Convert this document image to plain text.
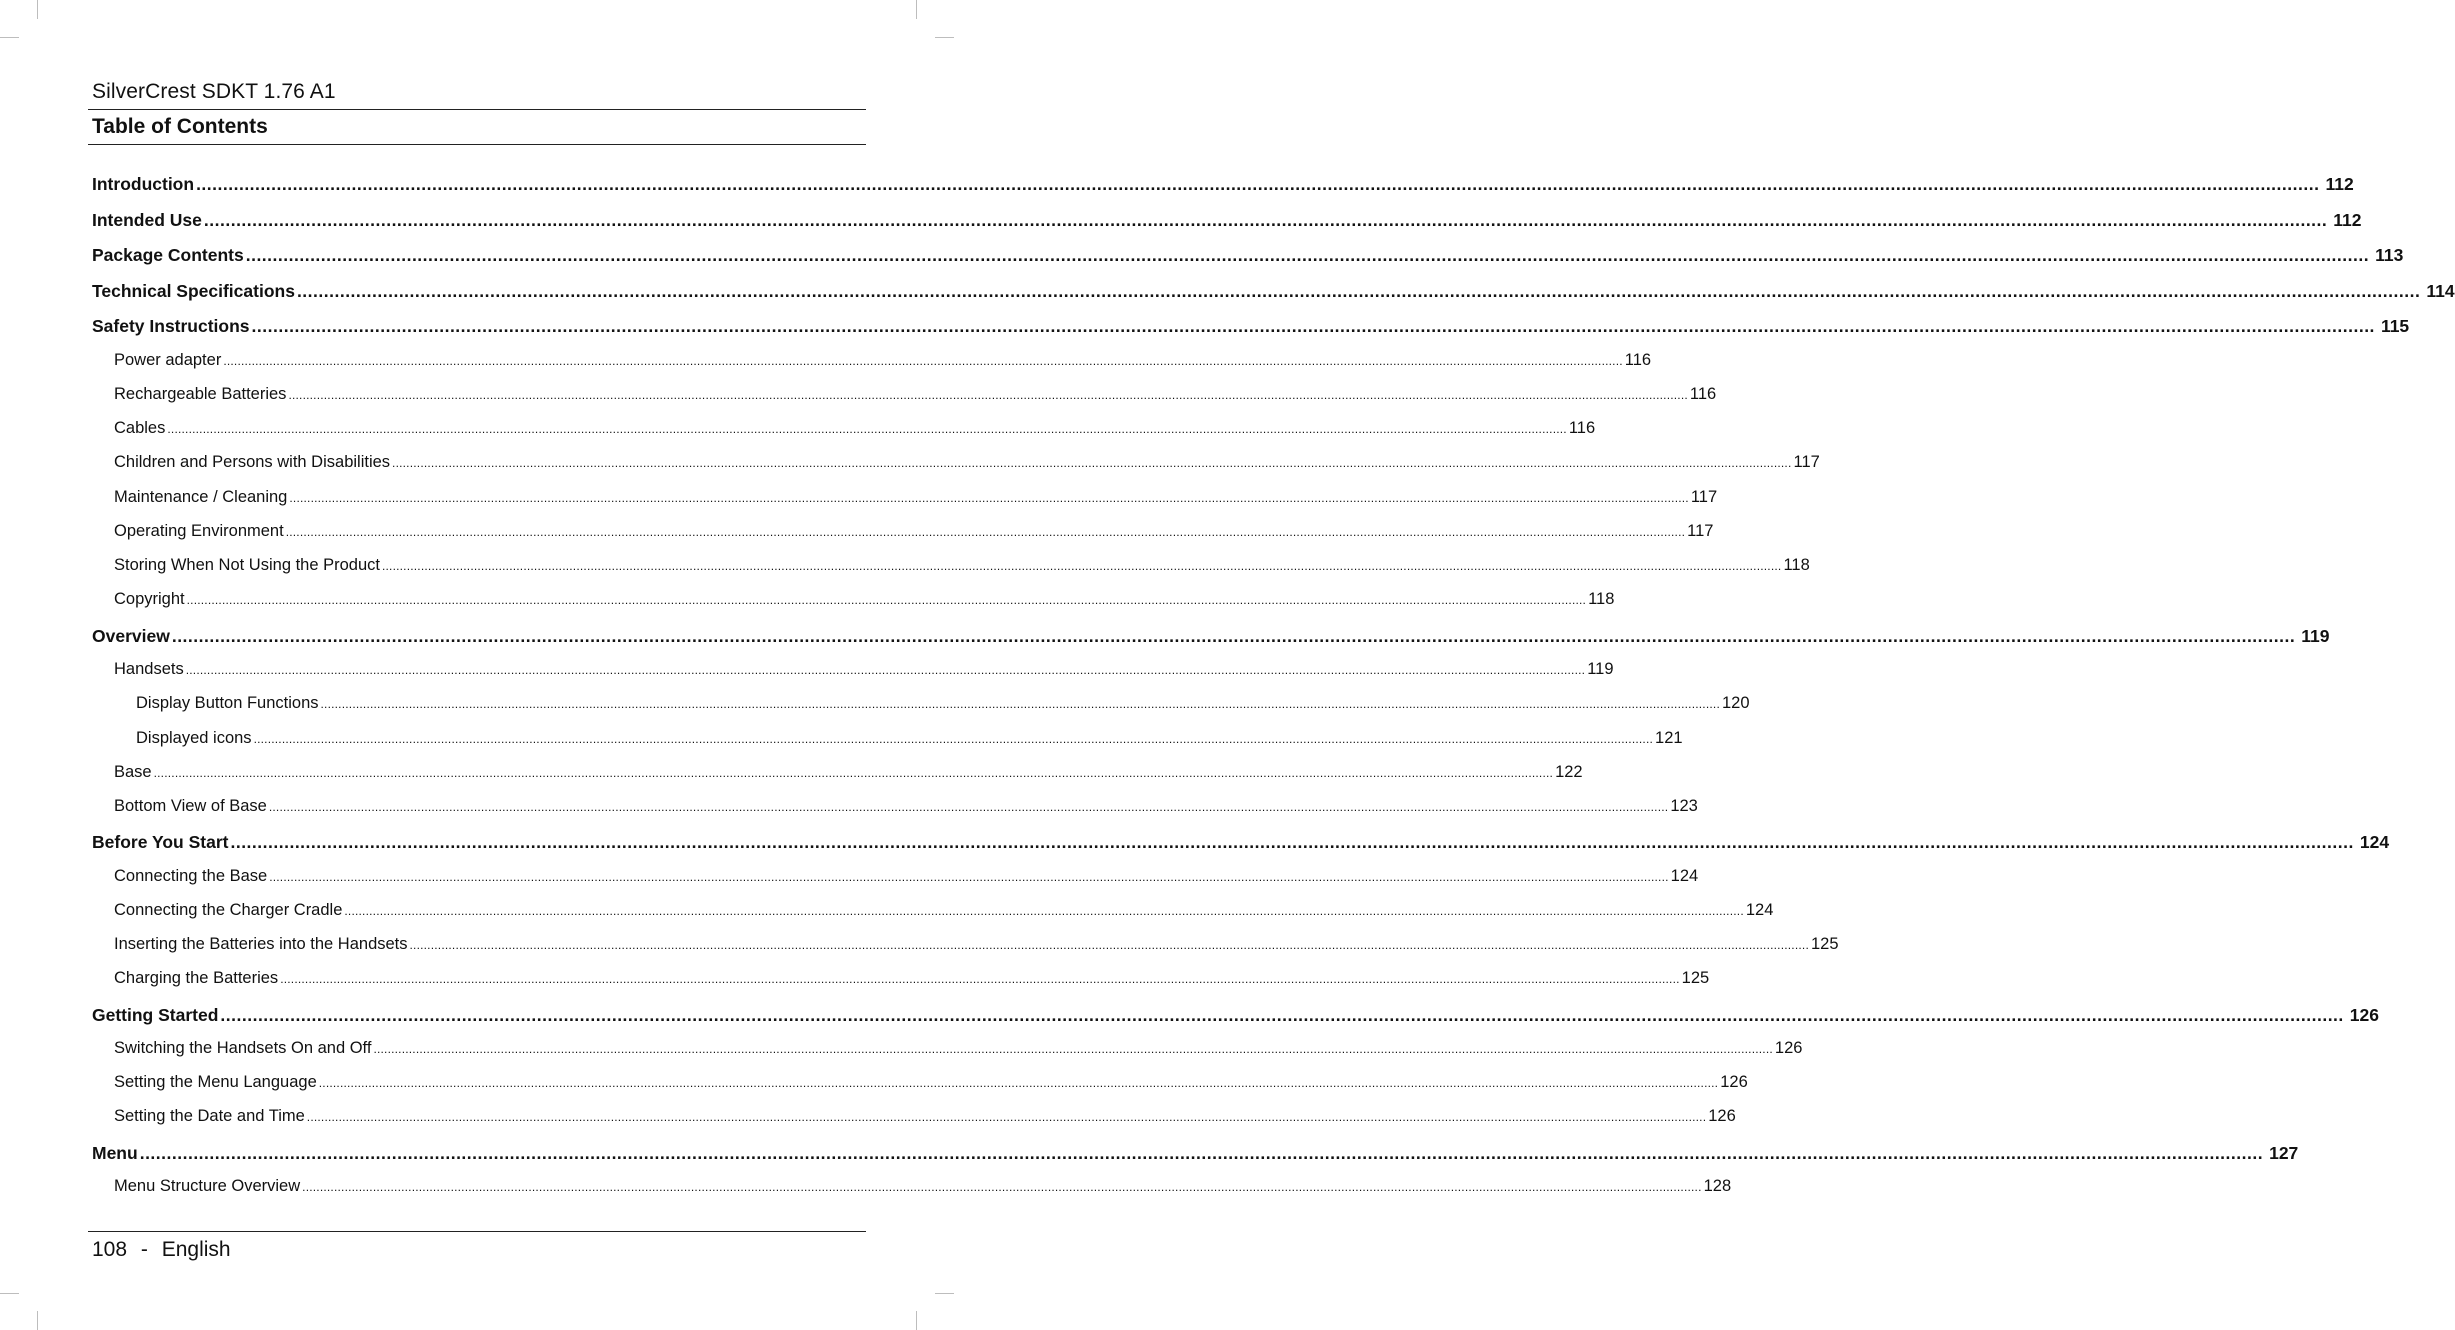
SilverCrest SDKT 1.76 A1
Table of Contents
Introduction ............................................................................................................................................................................................................................................................................................................................................................................................................ 112
Intended Use ............................................................................................................................................................................................................................................................................................................................................................................................................ 112
Package Contents ............................................................................................................................................................................................................................................................................................................................................................................................................ 113
Technical Specifications ............................................................................................................................................................................................................................................................................................................................................................................................................ 114
Safety Instructions ............................................................................................................................................................................................................................................................................................................................................................................................................ 115
Power adapter ............................................................................................................................................................................................................................................................................................................................................................................................................ 116
Rechargeable Batteries ............................................................................................................................................................................................................................................................................................................................................................................................................ 116
Cables ............................................................................................................................................................................................................................................................................................................................................................................................................ 116
Children and Persons with Disabilities ............................................................................................................................................................................................................................................................................................................................................................................................................ 117
Maintenance / Cleaning ............................................................................................................................................................................................................................................................................................................................................................................................................ 117
Operating Environment ............................................................................................................................................................................................................................................................................................................................................................................................................ 117
Storing When Not Using the Product ............................................................................................................................................................................................................................................................................................................................................................................................................ 118
Copyright ............................................................................................................................................................................................................................................................................................................................................................................................................ 118
Overview ............................................................................................................................................................................................................................................................................................................................................................................................................ 119
Handsets ............................................................................................................................................................................................................................................................................................................................................................................................................ 119
Display Button Functions ............................................................................................................................................................................................................................................................................................................................................................................................................ 120
Displayed icons ............................................................................................................................................................................................................................................................................................................................................................................................................ 121
Base ............................................................................................................................................................................................................................................................................................................................................................................................................ 122
Bottom View of Base ............................................................................................................................................................................................................................................................................................................................................................................................................ 123
Before You Start ............................................................................................................................................................................................................................................................................................................................................................................................................ 124
Connecting the Base ............................................................................................................................................................................................................................................................................................................................................................................................................ 124
Connecting the Charger Cradle ............................................................................................................................................................................................................................................................................................................................................................................................................ 124
Inserting the Batteries into the Handsets ............................................................................................................................................................................................................................................................................................................................................................................................................ 125
Charging the Batteries ............................................................................................................................................................................................................................................................................................................................................................................................................ 125
Getting Started ............................................................................................................................................................................................................................................................................................................................................................................................................ 126
Switching the Handsets On and Off ............................................................................................................................................................................................................................................................................................................................................................................................................ 126
Setting the Menu Language ............................................................................................................................................................................................................................................................................................................................................................................................................ 126
Setting the Date and Time ............................................................................................................................................................................................................................................................................................................................................................................................................ 126
Menu ............................................................................................................................................................................................................................................................................................................................................................................................................ 127
Menu Structure Overview ............................................................................................................................................................................................................................................................................................................................................................................................................ 128
108 - English
